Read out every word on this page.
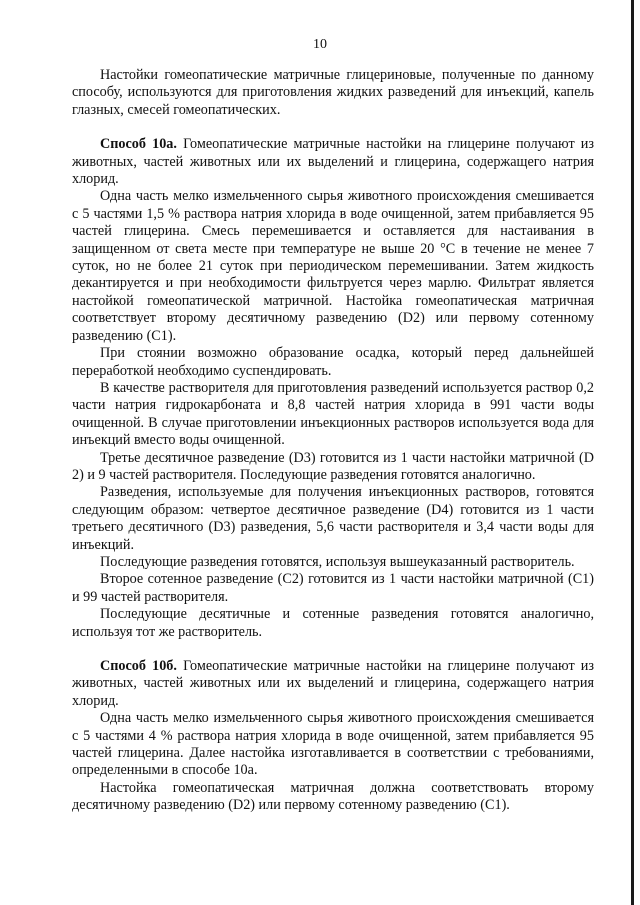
10

Настойки гомеопатические матричные глицериновые, полученные по данному способу, используются для приготовления жидких разведений для инъекций, капель глазных, смесей гомеопатических.

Способ 10а. Гомеопатические матричные настойки на глицерине получают из животных, частей животных или их выделений и глицерина, содержащего натрия хлорид.

Одна часть мелко измельченного сырья животного происхождения смешивается с 5 частями 1,5 % раствора натрия хлорида в воде очищенной, затем прибавляется 95 частей глицерина. Смесь перемешивается и оставляется для настаивания в защищенном от света месте при температуре не выше 20 °С в течение не менее 7 суток, но не более 21 суток при периодическом перемешивании. Затем жидкость декантируется и при необходимости фильтруется через марлю. Фильтрат является настойкой гомеопатической матричной. Настойка гомеопатическая матричная соответствует второму десятичному разведению (D2) или первому сотенному разведению (С1).

При стоянии возможно образование осадка, который перед дальнейшей переработкой необходимо суспендировать.

В качестве растворителя для приготовления разведений используется раствор 0,2 части натрия гидрокарбоната и 8,8 частей натрия хлорида в 991 части воды очищенной. В случае приготовлении инъекционных растворов используется вода для инъекций вместо воды очищенной.

Третье десятичное разведение (D3) готовится из 1 части настойки матричной (D 2) и 9 частей растворителя. Последующие разведения готовятся аналогично.

Разведения, используемые для получения инъекционных растворов, готовятся следующим образом: четвертое десятичное разведение (D4) готовится из 1 части третьего десятичного (D3) разведения, 5,6 части растворителя и 3,4 части воды для инъекций.

Последующие разведения готовятся, используя вышеуказанный растворитель.

Второе сотенное разведение (С2) готовится из 1 части настойки матричной (С1) и 99 частей растворителя.

Последующие десятичные и сотенные разведения готовятся аналогично, используя тот же растворитель.

Способ 10б. Гомеопатические матричные настойки на глицерине получают из животных, частей животных или их выделений и глицерина, содержащего натрия хлорид.

Одна часть мелко измельченного сырья животного происхождения смешивается с 5 частями 4 % раствора натрия хлорида в воде очищенной, затем прибавляется 95 частей глицерина. Далее настойка изготавливается в соответствии с требованиями, определенными в способе 10а.

Настойка гомеопатическая матричная должна соответствовать второму десятичному разведению (D2) или первому сотенному разведению (С1).
